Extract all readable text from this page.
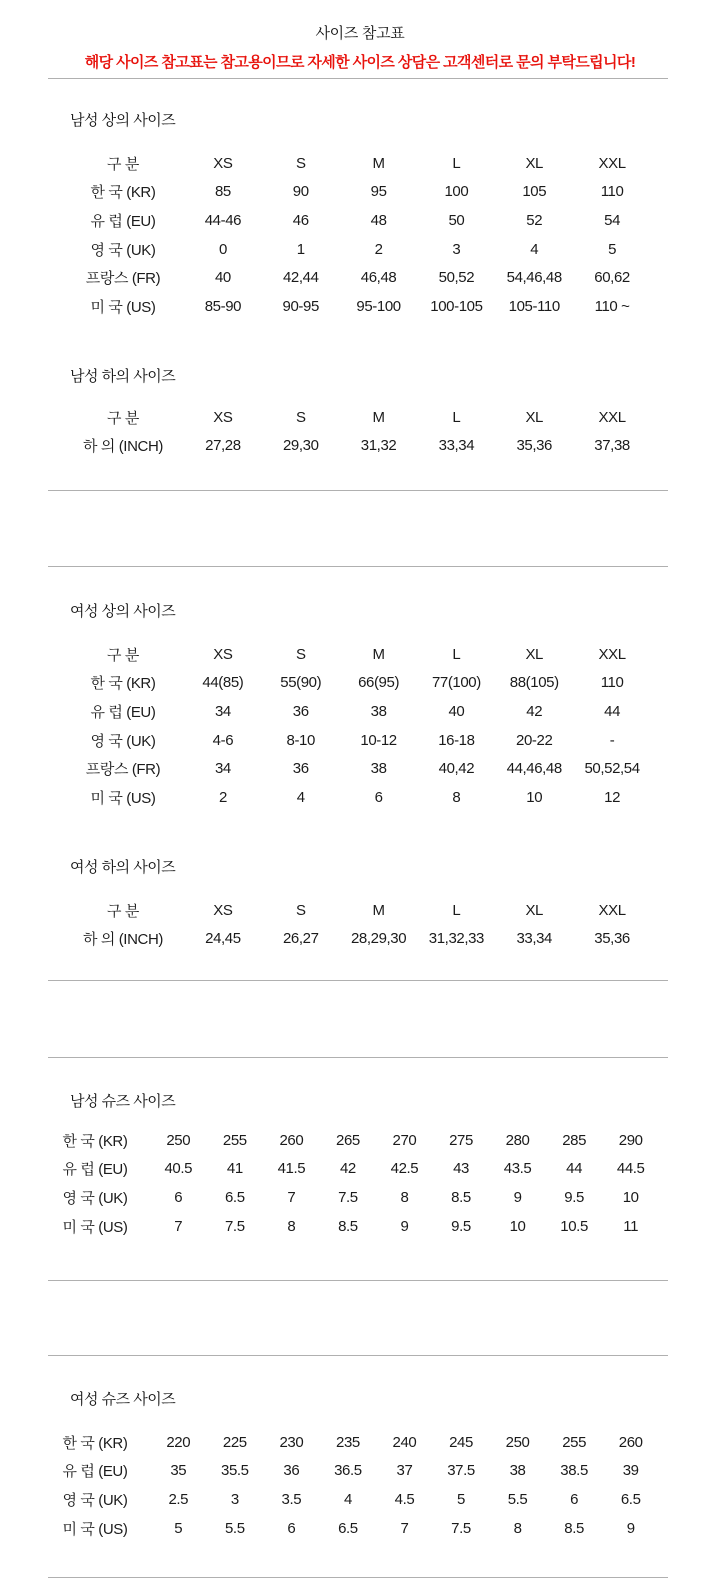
사이즈 참고표
해당 사이즈 참고표는 참고용이므로 자세한 사이즈 상담은 고객센터로 문의 부탁드립니다!
남성 상의 사이즈
구 분	XS	S	M	L	XL	XXL
한 국 (KR)	85	90	95	100	105	110
유 럽 (EU)	44-46	46	48	50	52	54
영 국 (UK)	0	1	2	3	4	5
프랑스 (FR)	40	42,44	46,48	50,52	54,46,48	60,62
미 국 (US)	85-90	90-95	95-100	100-105	105-110	110 ~
남성 하의 사이즈
구 분	XS	S	M	L	XL	XXL
하 의 (INCH)	27,28	29,30	31,32	33,34	35,36	37,38
여성 상의 사이즈
구 분	XS	S	M	L	XL	XXL
한 국 (KR)	44(85)	55(90)	66(95)	77(100)	88(105)	110
유 럽 (EU)	34	36	38	40	42	44
영 국 (UK)	4-6	8-10	10-12	16-18	20-22	-
프랑스 (FR)	34	36	38	40,42	44,46,48	50,52,54
미 국 (US)	2	4	6	8	10	12
여성 하의 사이즈
구 분	XS	S	M	L	XL	XXL
하 의 (INCH)	24,45	26,27	28,29,30	31,32,33	33,34	35,36
남성 슈즈 사이즈
한 국 (KR)	250	255	260	265	270	275	280	285	290
유 럽 (EU)	40.5	41	41.5	42	42.5	43	43.5	44	44.5
영 국 (UK)	6	6.5	7	7.5	8	8.5	9	9.5	10
미 국 (US)	7	7.5	8	8.5	9	9.5	10	10.5	11
여성 슈즈 사이즈
한 국 (KR)	220	225	230	235	240	245	250	255	260
유 럽 (EU)	35	35.5	36	36.5	37	37.5	38	38.5	39
영 국 (UK)	2.5	3	3.5	4	4.5	5	5.5	6	6.5
미 국 (US)	5	5.5	6	6.5	7	7.5	8	8.5	9
